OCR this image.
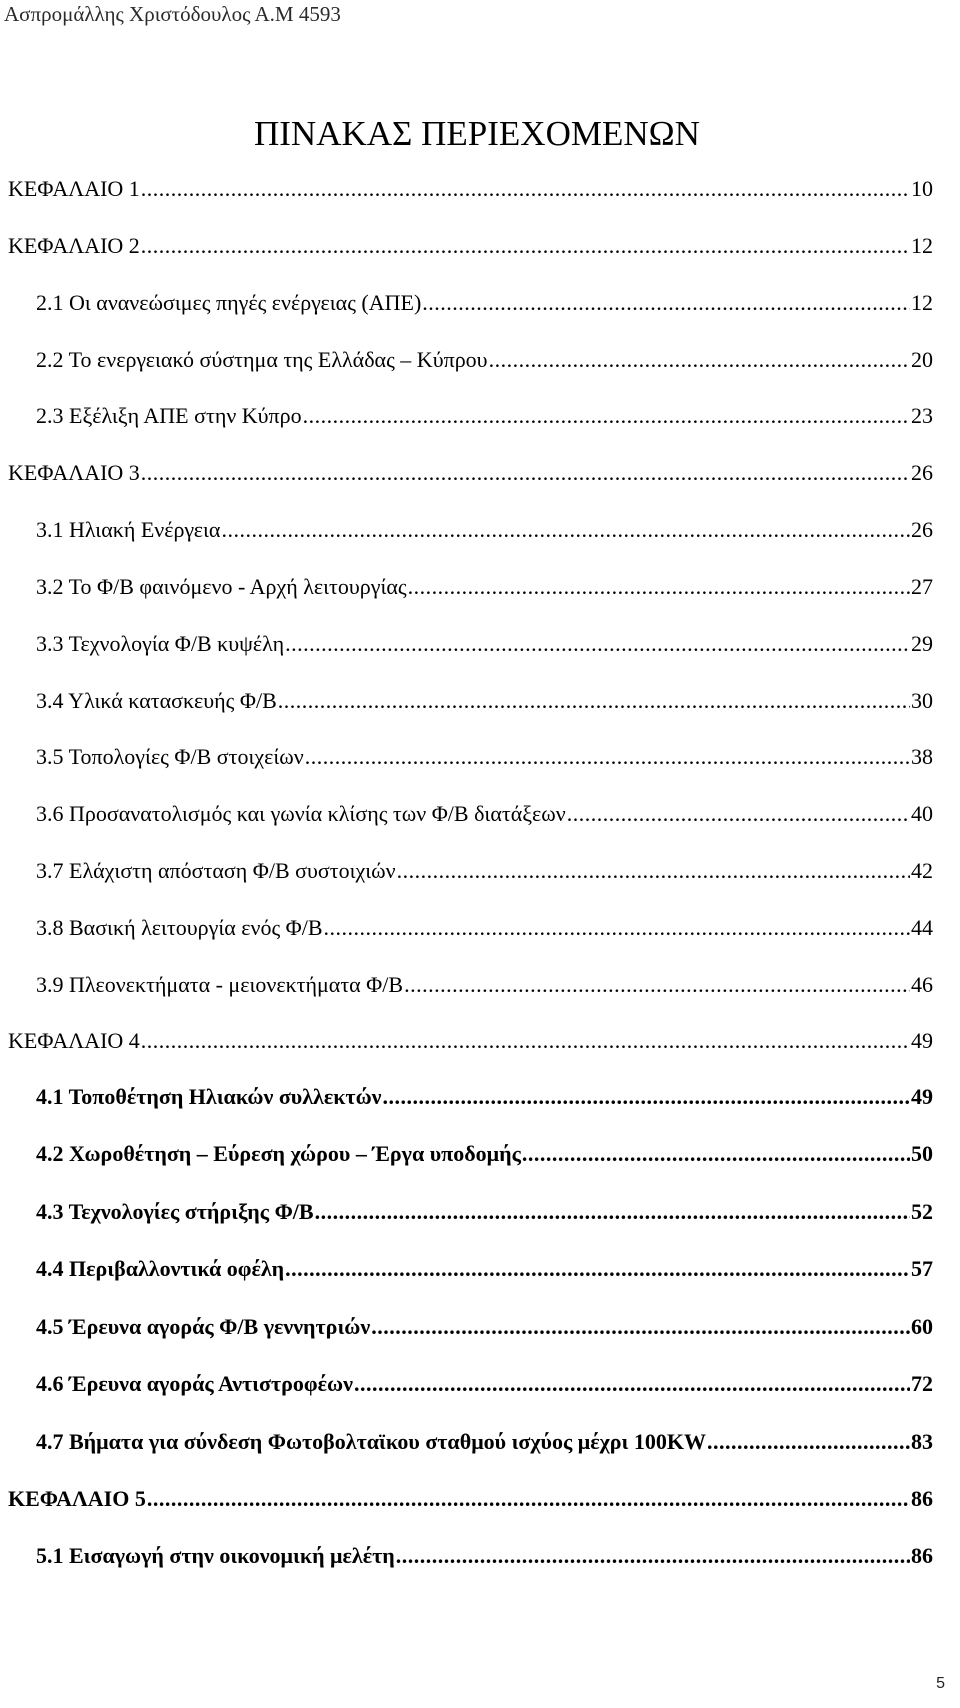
Ασπρομάλλης Χριστόδουλος Α.Μ 4593
ΠΙΝΑΚΑΣ ΠΕΡΙΕΧΟΜΕΝΩΝ
ΚΕΦΑΛΑΙΟ 1 .....	10
ΚΕΦΑΛΑΙΟ 2 .....	12
2.1 Οι ανανεώσιμες πηγές ενέργειας (ΑΠΕ) .....	12
2.2 Το ενεργειακό σύστημα της Ελλάδας – Κύπρου .....	20
2.3 Εξέλιξη ΑΠΕ στην Κύπρο .....	23
ΚΕΦΑΛΑΙΟ 3 .....	26
3.1 Ηλιακή Ενέργεια .....	26
3.2 Το Φ/Β φαινόμενο - Αρχή λειτουργίας .....	27
3.3 Τεχνολογία Φ/Β κυψέλη .....	29
3.4 Υλικά κατασκευής Φ/Β .....	30
3.5 Τοπολογίες Φ/Β στοιχείων .....	38
3.6 Προσανατολισμός και γωνία κλίσης των Φ/Β διατάξεων .....	40
3.7 Ελάχιστη απόσταση Φ/Β συστοιχιών .....	42
3.8 Βασική λειτουργία ενός Φ/Β .....	44
3.9 Πλεονεκτήματα - μειονεκτήματα Φ/Β .....	46
ΚΕΦΑΛΑΙΟ 4 .....	49
4.1 Τοποθέτηση Ηλιακών συλλεκτών .....	49
4.2 Χωροθέτηση – Εύρεση χώρου – Έργα υποδομής .....	50
4.3 Τεχνολογίες στήριξης Φ/Β .....	52
4.4 Περιβαλλοντικά οφέλη .....	57
4.5 Έρευνα αγοράς Φ/Β γεννητριών .....	60
4.6 Έρευνα αγοράς Αντιστροφέων .....	72
4.7 Βήματα για σύνδεση Φωτοβολταϊκου σταθμού ισχύος μέχρι 100KW .....	83
ΚΕΦΑΛΑΙΟ 5 .....	86
5.1 Εισαγωγή στην οικονομική μελέτη .....	86
5
